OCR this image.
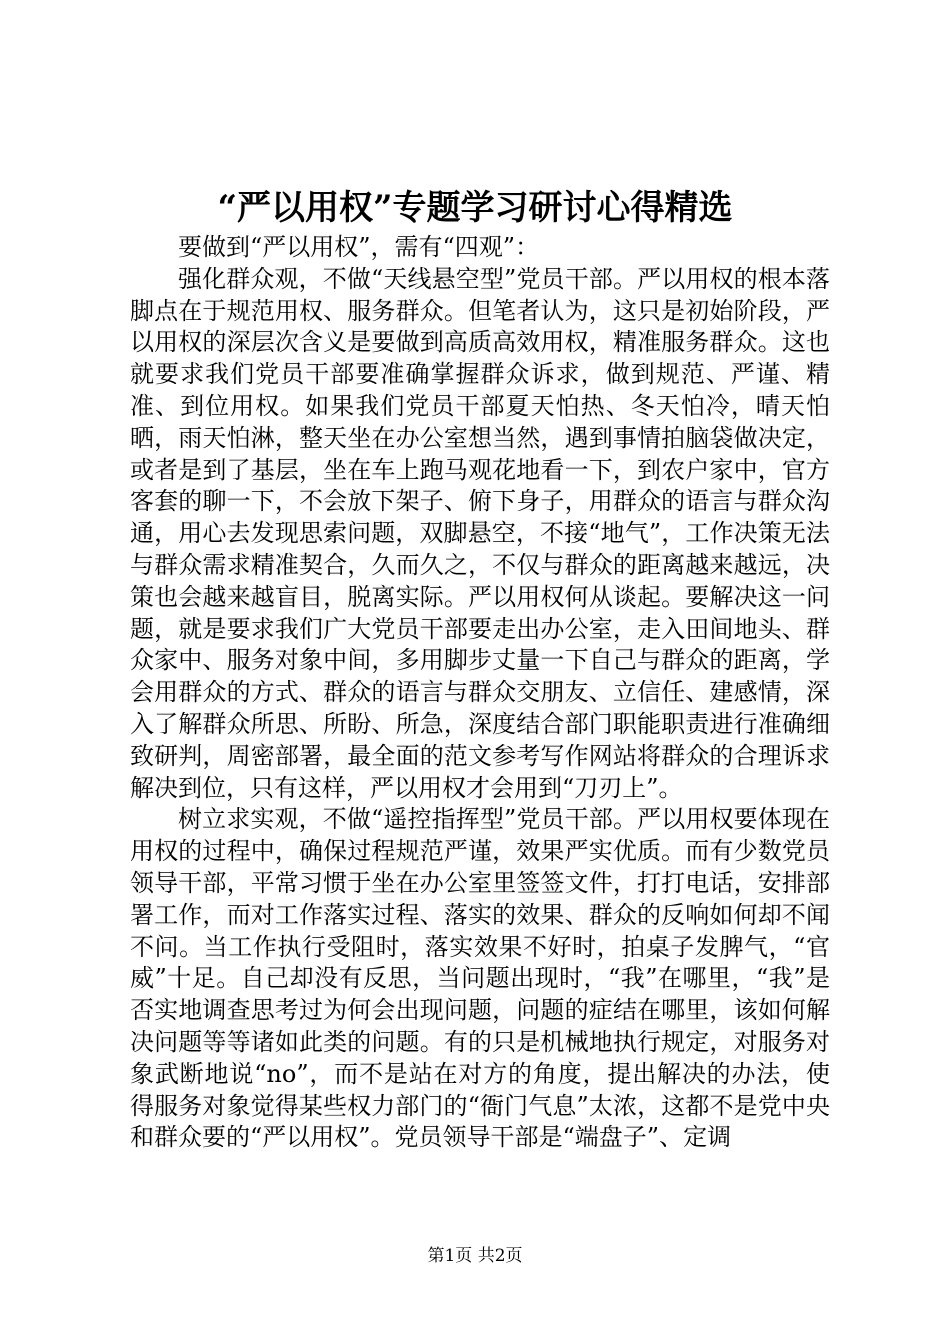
“严以用权”专题学习研讨心得精选

要做到“严以用权”，需有“四观”：

强化群众观，不做“天线悬空型”党员干部。严以用权的根本落脚点在于规范用权、服务群众。但笔者认为，这只是初始阶段，严以用权的深层次含义是要做到高质高效用权，精准服务群众。这也就要求我们党员干部要准确掌握群众诉求，做到规范、严谨、精准、到位用权。如果我们党员干部夏天怕热、冬天怕冷，晴天怕晒，雨天怕淋，整天坐在办公室想当然，遇到事情拍脑袋做决定，或者是到了基层，坐在车上跑马观花地看一下，到农户家中，官方客套的聊一下，不会放下架子、俯下身子，用群众的语言与群众沟通，用心去发现思索问题，双脚悬空，不接“地气”，工作决策无法与群众需求精准契合，久而久之，不仅与群众的距离越来越远，决策也会越来越盲目，脱离实际。严以用权何从谈起。要解决这一问题，就是要求我们广大党员干部要走出办公室，走入田间地头、群众家中、服务对象中间，多用脚步丈量一下自己与群众的距离，学会用群众的方式、群众的语言与群众交朋友、立信任、建感情，深入了解群众所思、所盼、所急，深度结合部门职能职责进行准确细致研判，周密部署，最全面的范文参考写作网站将群众的合理诉求解决到位，只有这样，严以用权才会用到“刀刃上”。

树立求实观，不做“遥控指挥型”党员干部。严以用权要体现在用权的过程中，确保过程规范严谨，效果严实优质。而有少数党员领导干部，平常习惯于坐在办公室里签签文件，打打电话，安排部署工作，而对工作落实过程、落实的效果、群众的反响如何却不闻不问。当工作执行受阻时，落实效果不好时，拍桌子发脾气，“官威”十足。自己却没有反思，当问题出现时，“我”在哪里，“我”是否实地调查思考过为何会出现问题，问题的症结在哪里，该如何解决问题等等诸如此类的问题。有的只是机械地执行规定，对服务对象武断地说“no”，而不是站在对方的角度，提出解决的办法，使得服务对象觉得某些权力部门的“衙门气息”太浓，这都不是党中央和群众要的“严以用权”。党员领导干部是“端盘子”、定调

第1页 共2页
